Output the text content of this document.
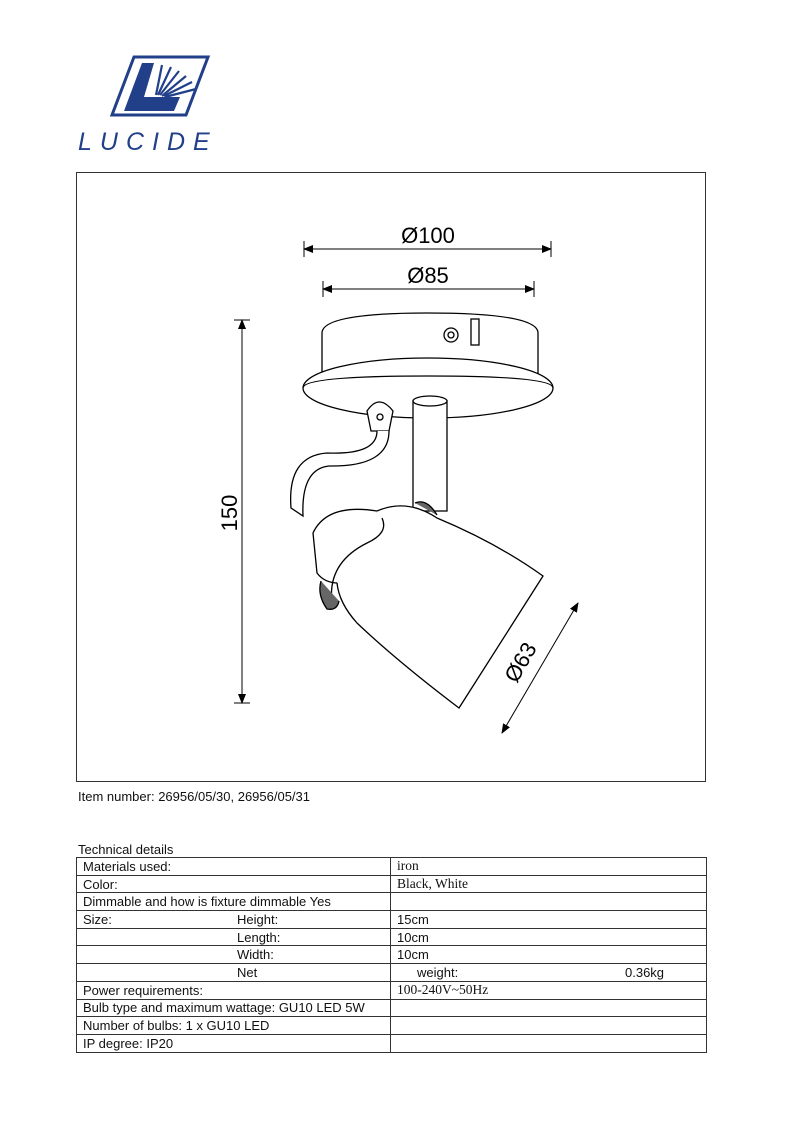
LUCIDE
Ø100
Ø85
150
Ø63
Item number: 26956/05/30, 26956/05/31
Technical details
Materials used:	iron
Color:	Black, White
Dimmable and how is fixture dimmable Yes	
Size: Height:	15cm
Length:	10cm
Width:	10cm
Net	weight: 0.36kg
Power requirements:	100-240V~50Hz
Bulb type and maximum wattage: GU10 LED 5W	
Number of bulbs: 1 x GU10 LED	
IP degree: IP20	
